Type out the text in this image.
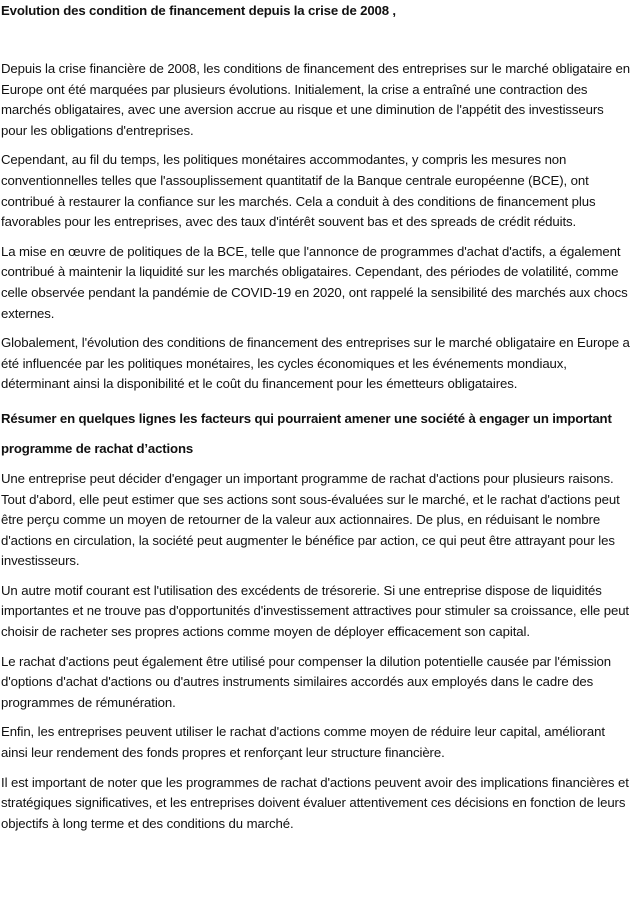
Evolution des condition de financement depuis la crise de 2008 ,

Depuis la crise financière de 2008, les conditions de financement des entreprises sur le marché obligataire en Europe ont été marquées par plusieurs évolutions. Initialement, la crise a entraîné une contraction des marchés obligataires, avec une aversion accrue au risque et une diminution de l'appétit des investisseurs pour les obligations d'entreprises.

Cependant, au fil du temps, les politiques monétaires accommodantes, y compris les mesures non conventionnelles telles que l'assouplissement quantitatif de la Banque centrale européenne (BCE), ont contribué à restaurer la confiance sur les marchés. Cela a conduit à des conditions de financement plus favorables pour les entreprises, avec des taux d'intérêt souvent bas et des spreads de crédit réduits.

La mise en œuvre de politiques de la BCE, telle que l'annonce de programmes d'achat d'actifs, a également contribué à maintenir la liquidité sur les marchés obligataires. Cependant, des périodes de volatilité, comme celle observée pendant la pandémie de COVID-19 en 2020, ont rappelé la sensibilité des marchés aux chocs externes.

Globalement, l'évolution des conditions de financement des entreprises sur le marché obligataire en Europe a été influencée par les politiques monétaires, les cycles économiques et les événements mondiaux, déterminant ainsi la disponibilité et le coût du financement pour les émetteurs obligataires.

Résumer en quelques lignes les facteurs qui pourraient amener une société à engager un important programme de rachat d’actions

Une entreprise peut décider d'engager un important programme de rachat d'actions pour plusieurs raisons. Tout d'abord, elle peut estimer que ses actions sont sous-évaluées sur le marché, et le rachat d'actions peut être perçu comme un moyen de retourner de la valeur aux actionnaires. De plus, en réduisant le nombre d'actions en circulation, la société peut augmenter le bénéfice par action, ce qui peut être attrayant pour les investisseurs.

Un autre motif courant est l'utilisation des excédents de trésorerie. Si une entreprise dispose de liquidités importantes et ne trouve pas d'opportunités d'investissement attractives pour stimuler sa croissance, elle peut choisir de racheter ses propres actions comme moyen de déployer efficacement son capital.

Le rachat d'actions peut également être utilisé pour compenser la dilution potentielle causée par l'émission d'options d'achat d'actions ou d'autres instruments similaires accordés aux employés dans le cadre des programmes de rémunération.

Enfin, les entreprises peuvent utiliser le rachat d'actions comme moyen de réduire leur capital, améliorant ainsi leur rendement des fonds propres et renforçant leur structure financière.

Il est important de noter que les programmes de rachat d'actions peuvent avoir des implications financières et stratégiques significatives, et les entreprises doivent évaluer attentivement ces décisions en fonction de leurs objectifs à long terme et des conditions du marché.
